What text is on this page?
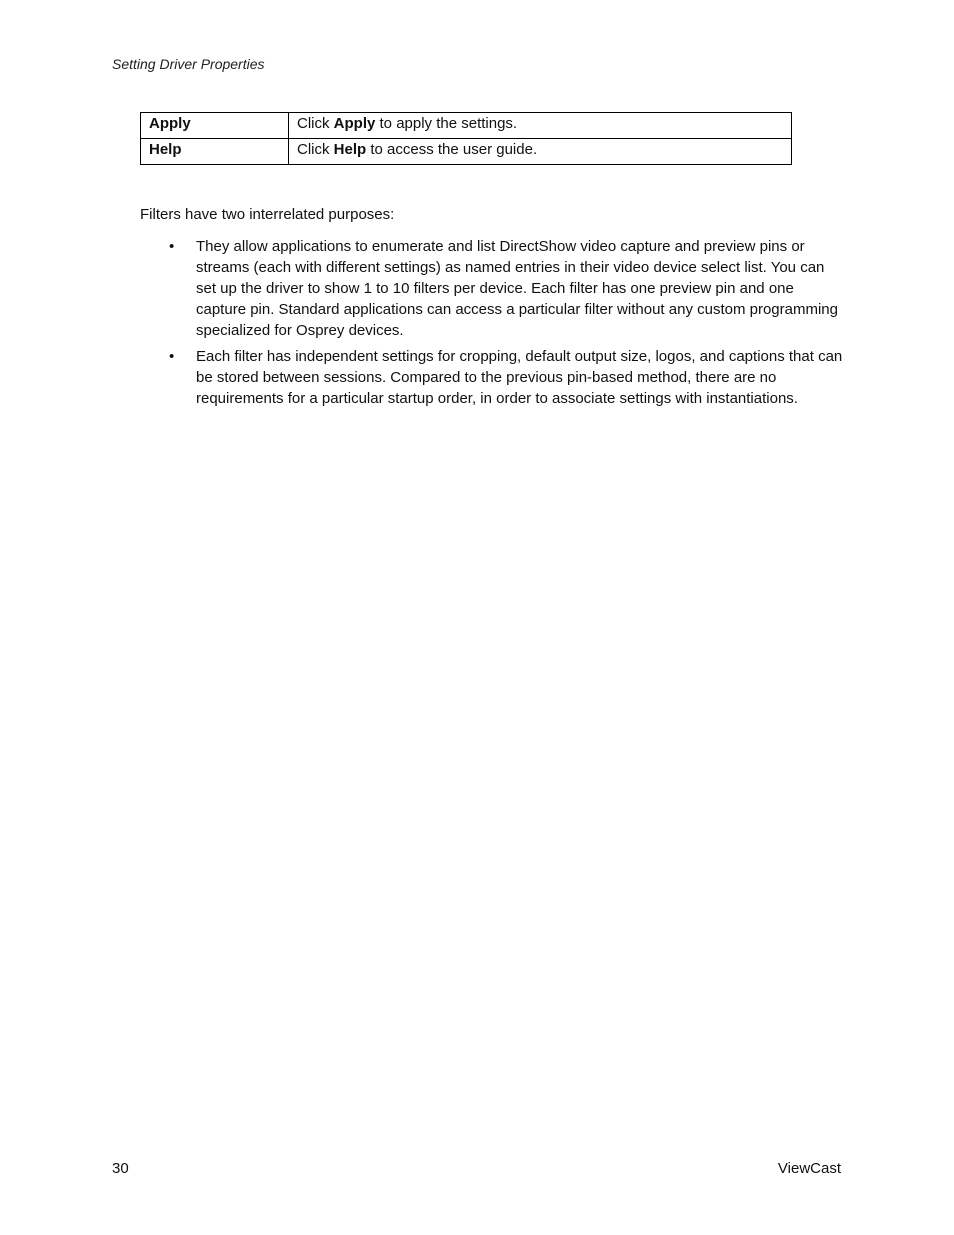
Setting Driver Properties
Apply	Click Apply to apply the settings.
Help	Click Help to access the user guide.
Filters have two interrelated purposes:
• They allow applications to enumerate and list DirectShow video capture and preview pins or streams (each with different settings) as named entries in their video device select list. You can set up the driver to show 1 to 10 filters per device. Each filter has one preview pin and one capture pin. Standard applications can access a particular filter without any custom programming specialized for Osprey devices.
• Each filter has independent settings for cropping, default output size, logos, and captions that can be stored between sessions. Compared to the previous pin-based method, there are no requirements for a particular startup order, in order to associate settings with instantiations.
30	ViewCast
